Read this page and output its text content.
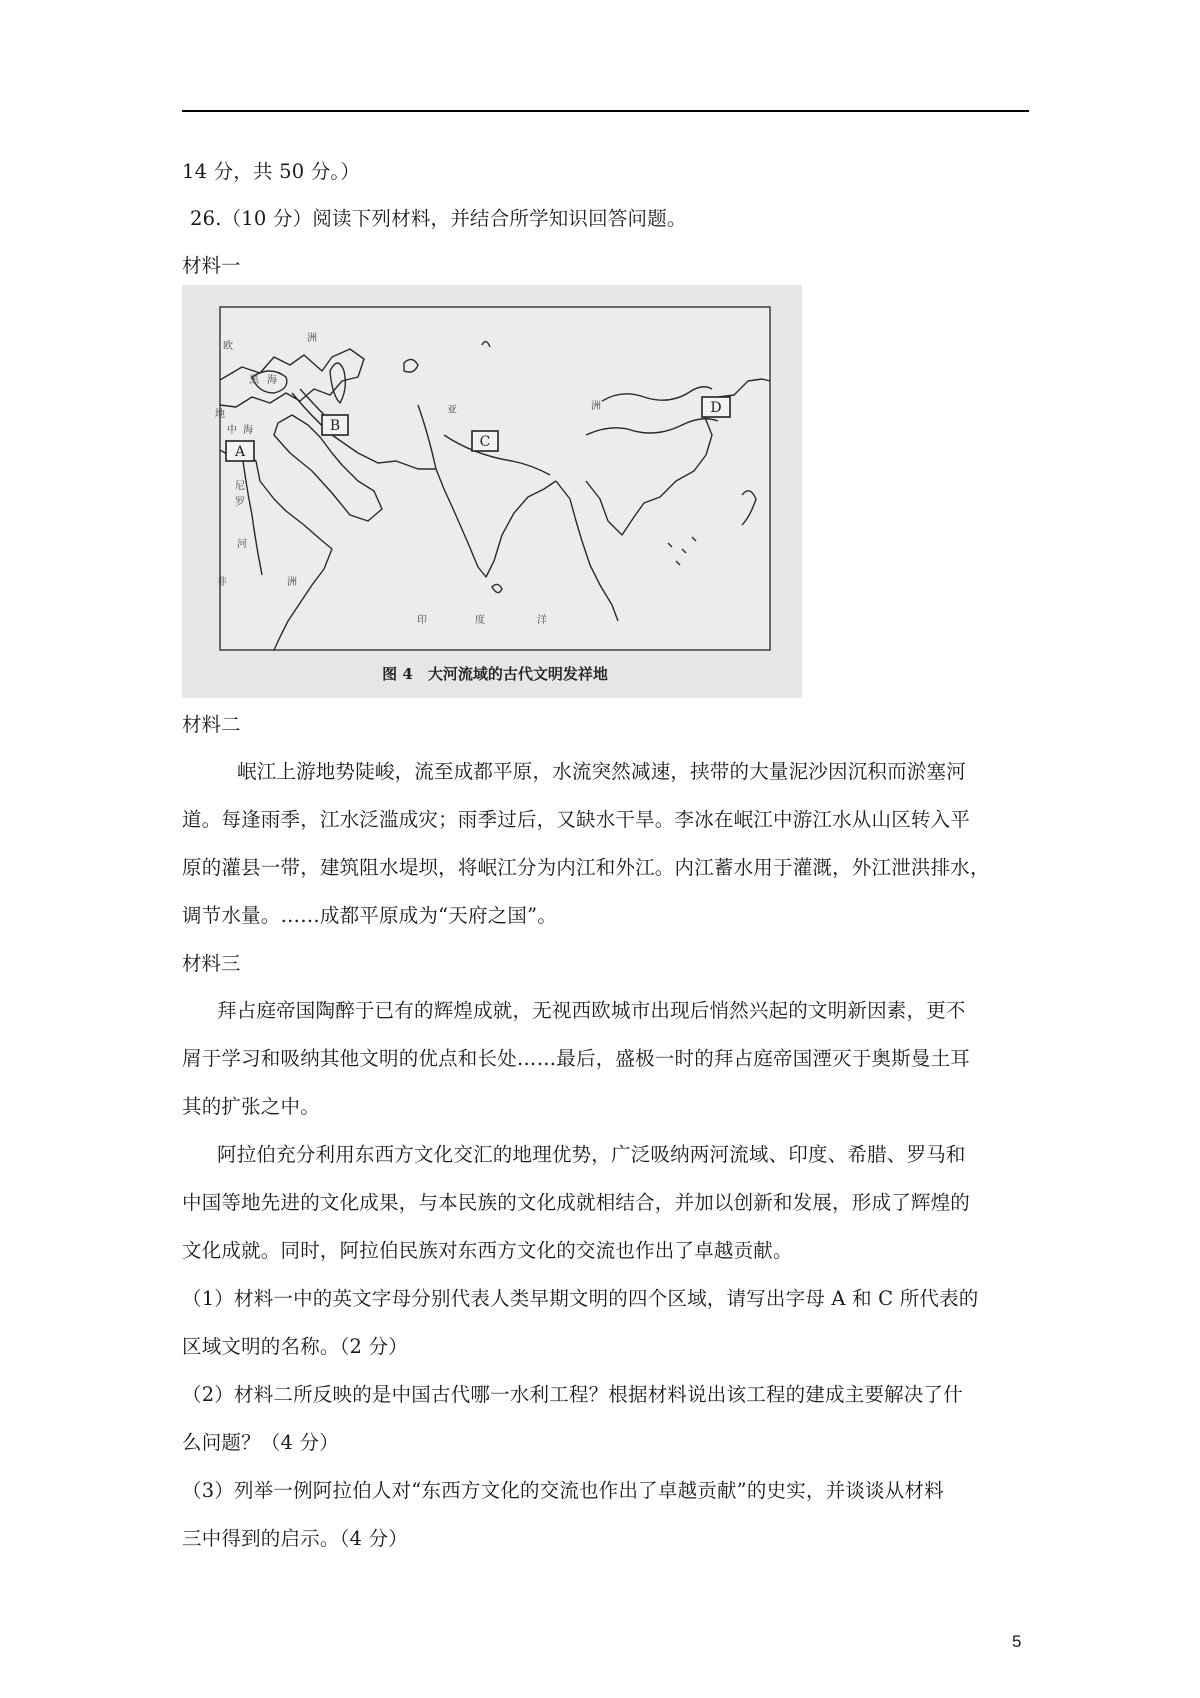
14 分，共 50 分。）
26.（10 分）阅读下列材料，并结合所学知识回答问题。
材料一
A
B
C
D
欧
洲
黑 海
地
中 海
尼
罗
河
非	洲
亚	洲
印	度	洋
图 4　大河流域的古代文明发祥地
材料二
岷江上游地势陡峻，流至成都平原，水流突然减速，挟带的大量泥沙因沉积而淤塞河
道。每逢雨季，江水泛滥成灾；雨季过后，又缺水干旱。李冰在岷江中游江水从山区转入平
原的灌县一带，建筑阻水堤坝，将岷江分为内江和外江。内江蓄水用于灌溉，外江泄洪排水，
调节水量。……成都平原成为“天府之国”。
材料三
拜占庭帝国陶醉于已有的辉煌成就，无视西欧城市出现后悄然兴起的文明新因素，更不
屑于学习和吸纳其他文明的优点和长处……最后，盛极一时的拜占庭帝国湮灭于奥斯曼土耳
其的扩张之中。
阿拉伯充分利用东西方文化交汇的地理优势，广泛吸纳两河流域、印度、希腊、罗马和
中国等地先进的文化成果，与本民族的文化成就相结合，并加以创新和发展，形成了辉煌的
文化成就。同时，阿拉伯民族对东西方文化的交流也作出了卓越贡献。
（1）材料一中的英文字母分别代表人类早期文明的四个区域，请写出字母 A 和 C 所代表的
区域文明的名称。（2 分）
（2）材料二所反映的是中国古代哪一水利工程？根据材料说出该工程的建成主要解决了什
么问题？（4 分）
（3）列举一例阿拉伯人对“东西方文化的交流也作出了卓越贡献”的史实，并谈谈从材料
三中得到的启示。（4 分）
5
